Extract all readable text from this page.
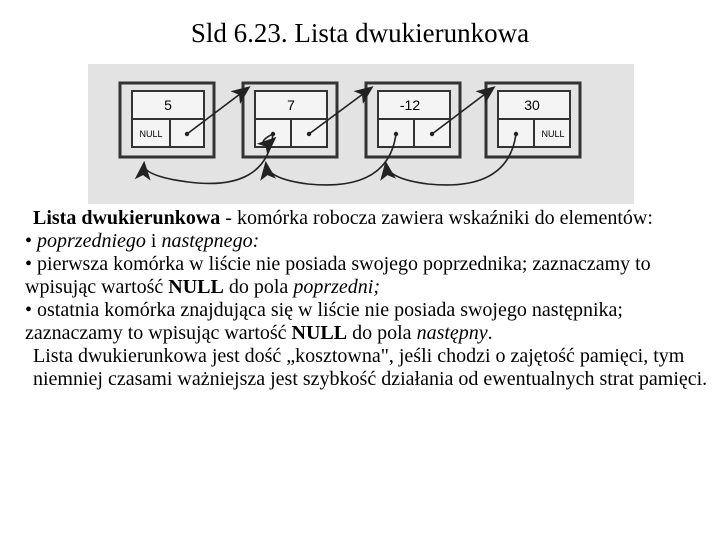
Sld 6.23. Lista dwukierunkowa
5
NULL
7	-12	30
NULL

Lista dwukierunkowa - komórka robocza zawiera wskaźniki do elementów:

• poprzedniego i następnego:

• pierwsza komórka w liście nie posiada swojego poprzednika; zaznaczamy to wpisując wartość NULL do pola poprzedni;

• ostatnia komórka znajdująca się w liście nie posiada swojego następnika; zaznaczamy to wpisując wartość NULL do pola następny.

Lista dwukierunkowa jest dość „kosztowna", jeśli chodzi o zajętość pamięci, tym niemniej czasami ważniejsza jest szybkość działania od ewentualnych strat pamięci.
